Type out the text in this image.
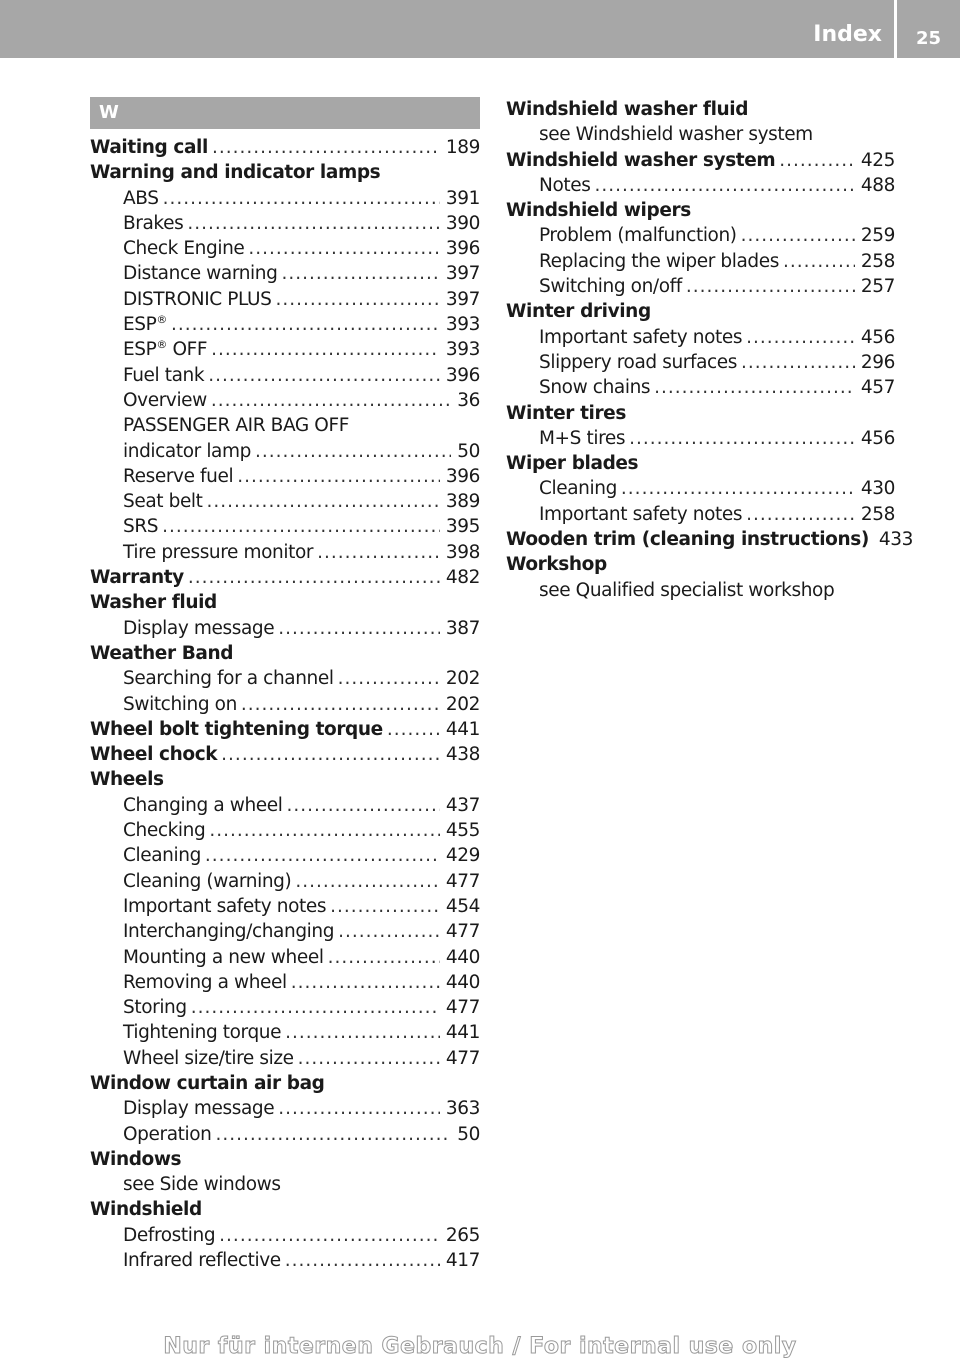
Index 25
W
Waiting call .....	189
Warning and indicator lamps
ABS .....	391
Brakes .....	390
Check Engine .....	396
Distance warning .....	397
DISTRONIC PLUS .....	397
ESP® .....	393
ESP® OFF .....	393
Fuel tank .....	396
Overview .....	36
PASSENGER AIR BAG OFF
indicator lamp .....	50
Reserve fuel .....	396
Seat belt .....	389
SRS .....	395
Tire pressure monitor .....	398
Warranty .....	482
Washer fluid
Display message .....	387
Weather Band
Searching for a channel .....	202
Switching on .....	202
Wheel bolt tightening torque .....	441
Wheel chock .....	438
Wheels
Changing a wheel .....	437
Checking .....	455
Cleaning .....	429
Cleaning (warning) .....	477
Important safety notes .....	454
Interchanging/changing .....	477
Mounting a new wheel .....	440
Removing a wheel .....	440
Storing .....	477
Tightening torque .....	441
Wheel size/tire size .....	477
Window curtain air bag
Display message .....	363
Operation .....	50
Windows
see Side windows
Windshield
Defrosting .....	265
Infrared reflective .....	417
Windshield washer fluid
see Windshield washer system
Windshield washer system .....	425
Notes .....	488
Windshield wipers
Problem (malfunction) .....	259
Replacing the wiper blades .....	258
Switching on/off .....	257
Winter driving
Important safety notes .....	456
Slippery road surfaces .....	296
Snow chains .....	457
Winter tires
M+S tires .....	456
Wiper blades
Cleaning .....	430
Important safety notes .....	258
Wooden trim (cleaning instructions) 433
Workshop
see Qualified specialist workshop
Nur für internen Gebrauch / For internal use only
